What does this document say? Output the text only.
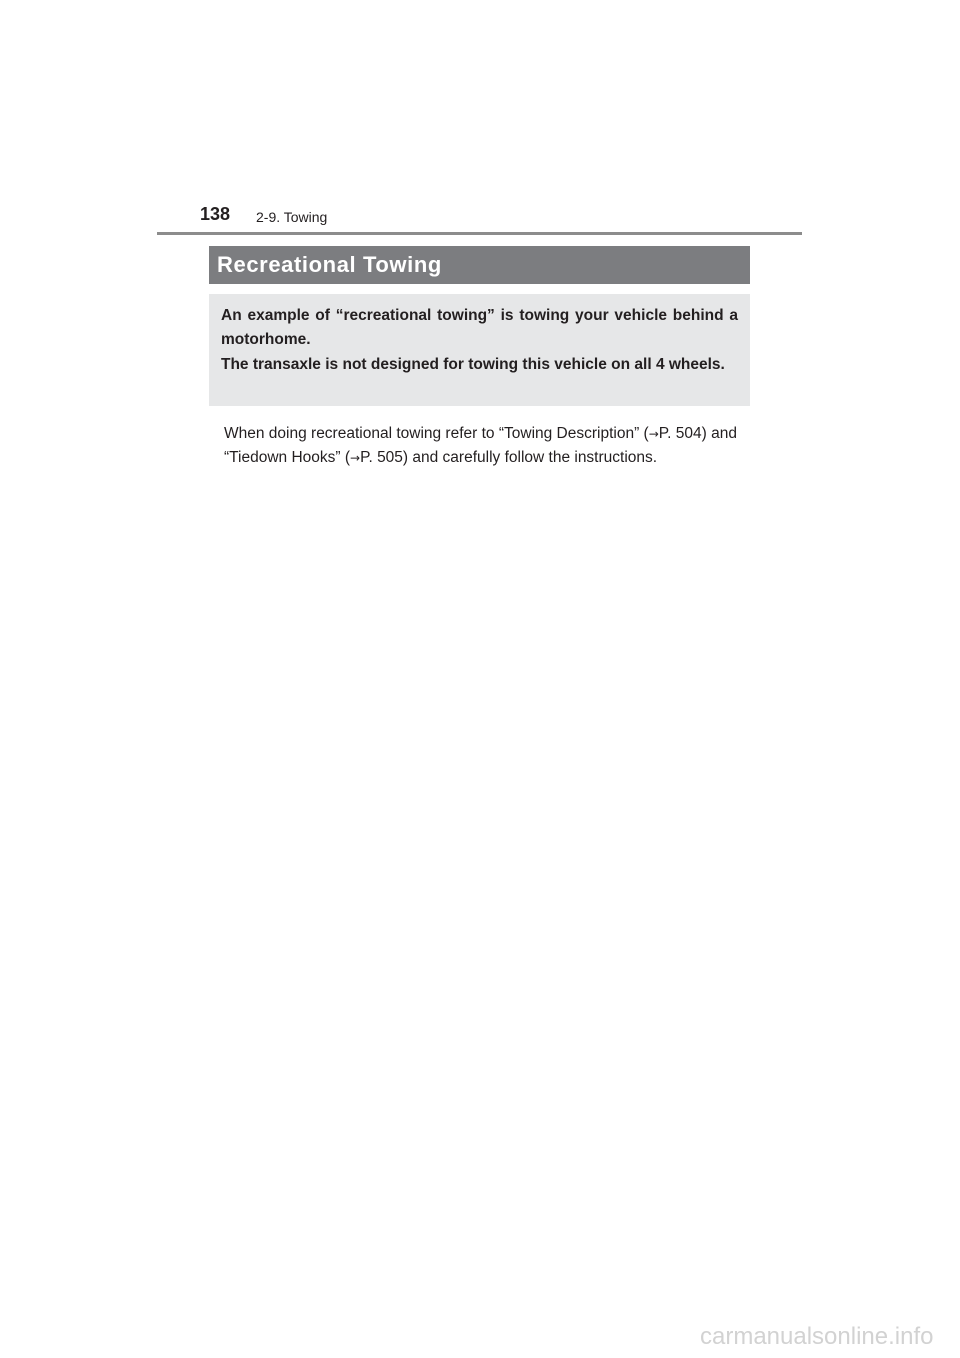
138 2-9. Towing
Recreational Towing

An example of “recreational towing” is towing your vehicle behind a motorhome.

The transaxle is not designed for towing this vehicle on all 4 wheels.

When doing recreational towing refer to “Towing Description” (→P. 504) and “Tiedown Hooks” (→P. 505) and carefully follow the instructions.

carmanualsonline.info
